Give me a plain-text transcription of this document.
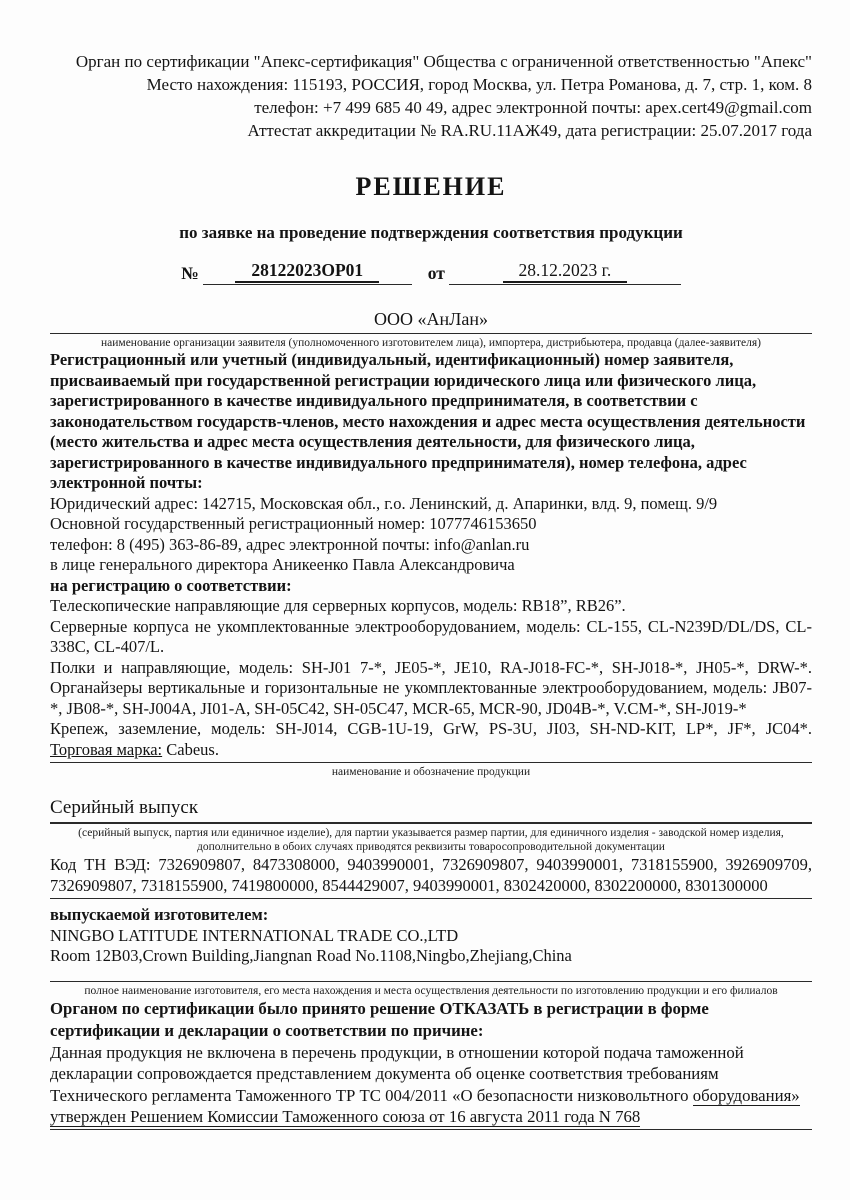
Орган по сертификации "Апекс-сертификация" Общества с ограниченной ответственностью "Апекс"

Место нахождения: 115193, РОССИЯ, город Москва, ул. Петра Романова, д. 7, стр. 1, ком. 8

телефон: +7 499 685 40 49, адрес электронной почты: apex.cert49@gmail.com

Аттестат аккредитации № RA.RU.11АЖ49, дата регистрации: 25.07.2017 года

РЕШЕНИЕ
по заявке на проведение подтверждения соответствия продукции
№	28122023ОР01	от	28.12.2023 г.
ООО «АнЛан»

наименование организации заявителя (уполномоченного изготовителем лица), импортера, дистрибьютера, продавца (далее-заявителя)

Регистрационный или учетный (индивидуальный, идентификационный) номер заявителя, присваиваемый при государственной регистрации юридического лица или физического лица, зарегистрированного в качестве индивидуального предпринимателя, в соответствии с законодательством государств-членов, место нахождения и адрес места осуществления деятельности (место жительства и адрес места осуществления деятельности, для физического лица, зарегистрированного в качестве индивидуального предпринимателя), номер телефона, адрес электронной почты:

Юридический адрес: 142715, Московская обл., г.о. Ленинский, д. Апаринки, влд. 9, помещ. 9/9

Основной государственный регистрационный номер: 1077746153650

телефон: 8 (495) 363-86-89, адрес электронной почты: info@anlan.ru

в лице генерального директора Аникеенко Павла Александровича

на регистрацию о соответствии:

Телескопические направляющие для серверных корпусов, модель: RB18”, RB26”.

Серверные корпуса не укомплектованные электрооборудованием, модель: CL-155, CL-N239D/DL/DS, CL-338C, CL-407/L.

Полки и направляющие, модель: SH-J01 7-*, JE05-*, JE10, RA-J018-FC-*, SH-J018-*, JH05-*, DRW-*. Органайзеры вертикальные и горизонтальные не укомплектованные электрооборудованием, модель: JB07-*, JB08-*, SH-J004A, JI01-A, SH-05C42, SH-05C47, MCR-65, MCR-90, JD04B-*, V.CM-*, SH-J019-*

Крепеж, заземление, модель: SH-J014, CGB-1U-19, GrW, PS-3U, JI03, SH-ND-KIT, LP*, JF*, JC04*. Торговая марка: Cabeus.

наименование и обозначение продукции

Серийный выпуск

(серийный выпуск, партия или единичное изделие), для партии указывается размер партии, для единичного изделия - заводской номер изделия, дополнительно в обоих случаях приводятся реквизиты товаросопроводительной документации

Код ТН ВЭД: 7326909807, 8473308000, 9403990001, 7326909807, 9403990001, 7318155900, 3926909709, 7326909807, 7318155900, 7419800000, 8544429007, 9403990001, 8302420000, 8302200000, 8301300000

выпускаемой изготовителем:

NINGBO LATITUDE INTERNATIONAL TRADE CO.,LTD

Room 12B03,Crown Building,Jiangnan Road No.1108,Ningbo,Zhejiang,China

полное наименование изготовителя, его места нахождения и места осуществления деятельности по изготовлению продукции и его филиалов

Органом по сертификации было принято решение ОТКАЗАТЬ в регистрации в форме сертификации и декларации о соответствии по причине:

Данная продукция не включена в перечень продукции, в отношении которой подача таможенной декларации сопровождается представлением документа об оценке соответствия требованиям Технического регламента Таможенного ТР ТС 004/2011 «О безопасности низковольтного оборудования» утвержден Решением Комиссии Таможенного союза от 16 августа 2011 года N 768
